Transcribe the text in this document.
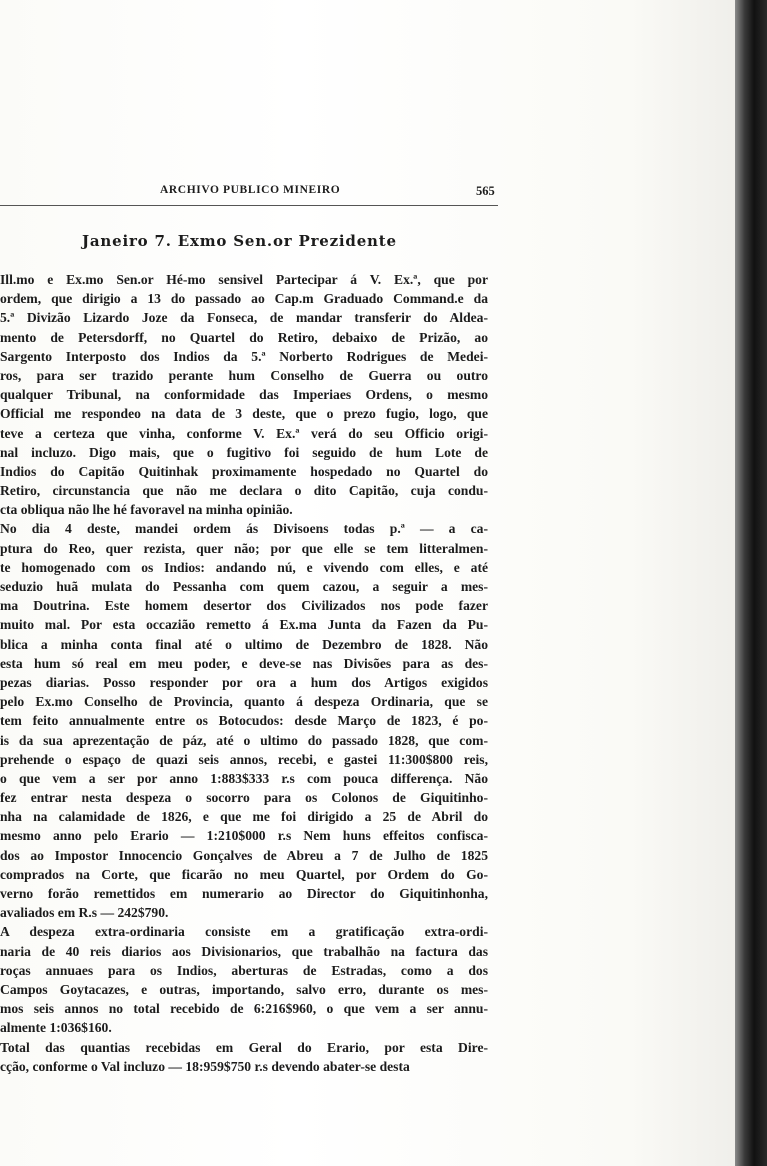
ARCHIVO PUBLICO MINEIRO	565
Janeiro 7. Exmo Sen.or Prezidente
Ill.mo e Ex.mo Sen.or Hé-mo sensivel Partecipar á V. Ex.ª, que por
ordem, que dirigio a 13 do passado ao Cap.m Graduado Command.e da
5.ª Divizão Lizardo Joze da Fonseca, de mandar transferir do Aldea-
mento de Petersdorff, no Quartel do Retiro, debaixo de Prizão, ao
Sargento Interposto dos Indios da 5.ª Norberto Rodrigues de Medei-
ros, para ser trazido perante hum Conselho de Guerra ou outro
qualquer Tribunal, na conformidade das Imperiaes Ordens, o mesmo
Official me respondeo na data de 3 deste, que o prezo fugio, logo, que
teve a certeza que vinha, conforme V. Ex.ª verá do seu Officio origi-
nal incluzo. Digo mais, que o fugitivo foi seguido de hum Lote de
Indios do Capitão Quitinhak proximamente hospedado no Quartel do
Retiro, circunstancia que não me declara o dito Capitão, cuja condu-
cta obliqua não lhe hé favoravel na minha opinião.
No dia 4 deste, mandei ordem ás Divisoens todas p.ª — a ca-
ptura do Reo, quer rezista, quer não; por que elle se tem litteralmen-
te homogenado com os Indios: andando nú, e vivendo com elles, e até
seduzio huã mulata do Pessanha com quem cazou, a seguir a mes-
ma Doutrina. Este homem desertor dos Civilizados nos pode fazer
muito mal. Por esta occazião remetto á Ex.ma Junta da Fazen da Pu-
blica a minha conta final até o ultimo de Dezembro de 1828. Não
esta hum só real em meu poder, e deve-se nas Divisões para as des-
pezas diarias. Posso responder por ora a hum dos Artigos exigidos
pelo Ex.mo Conselho de Provincia, quanto á despeza Ordinaria, que se
tem feito annualmente entre os Botocudos: desde Março de 1823, é po-
is da sua aprezentação de páz, até o ultimo do passado 1828, que com-
prehende o espaço de quazi seis annos, recebi, e gastei 11:300$800 reis,
o que vem a ser por anno 1:883$333 r.s com pouca differença. Não
fez entrar nesta despeza o socorro para os Colonos de Giquitinho-
nha na calamidade de 1826, e que me foi dirigido a 25 de Abril do
mesmo anno pelo Erario — 1:210$000 r.s Nem huns effeitos confisca-
dos ao Impostor Innocencio Gonçalves de Abreu a 7 de Julho de 1825
comprados na Corte, que ficarão no meu Quartel, por Ordem do Go-
verno forão remettidos em numerario ao Director do Giquitinhonha,
avaliados em R.s — 242$790.
A despeza extra-ordinaria consiste em a gratificação extra-ordi-
naria de 40 reis diarios aos Divisionarios, que trabalhão na factura das
roças annuaes para os Indios, aberturas de Estradas, como a dos
Campos Goytacazes, e outras, importando, salvo erro, durante os mes-
mos seis annos no total recebido de 6:216$960, o que vem a ser annu-
almente 1:036$160.
Total das quantias recebidas em Geral do Erario, por esta Dire-
cção, conforme o Val incluzo — 18:959$750 r.s devendo abater-se desta
